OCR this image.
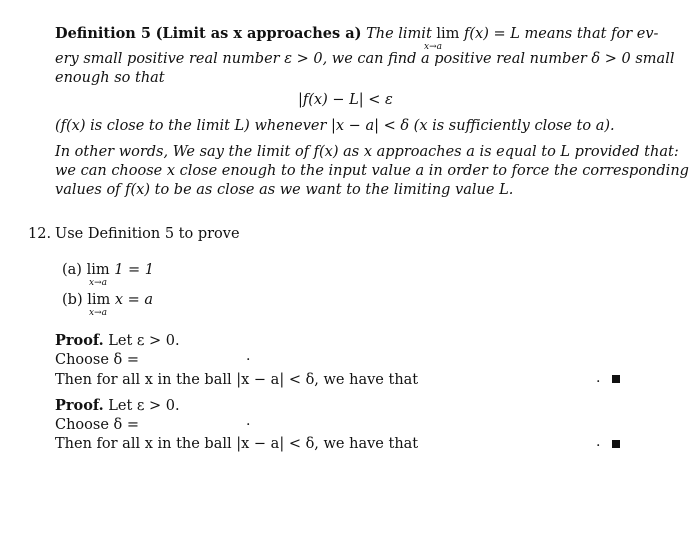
Definition 5 (Limit as x approaches a) The limit lim f(x) = L means that for ev-
x→a
ery small positive real number ε > 0, we can find a positive real number δ > 0 small
enough so that
|f(x) − L| < ε
(f(x) is close to the limit L) whenever |x − a| < δ (x is sufficiently close to a).
In other words, We say the limit of f(x) as x approaches a is equal to L provided that:
we can choose x close enough to the input value a in order to force the corresponding
values of f(x) to be as close as we want to the limiting value L.
12. Use Definition 5 to prove
(a) lim 1 = 1
x→a
(b) lim x = a
x→a
Proof. Let ε > 0.
Choose δ =	.
Then for all x in the ball |x − a| < δ, we have that	.
Proof. Let ε > 0.
Choose δ =	.
Then for all x in the ball |x − a| < δ, we have that	.
